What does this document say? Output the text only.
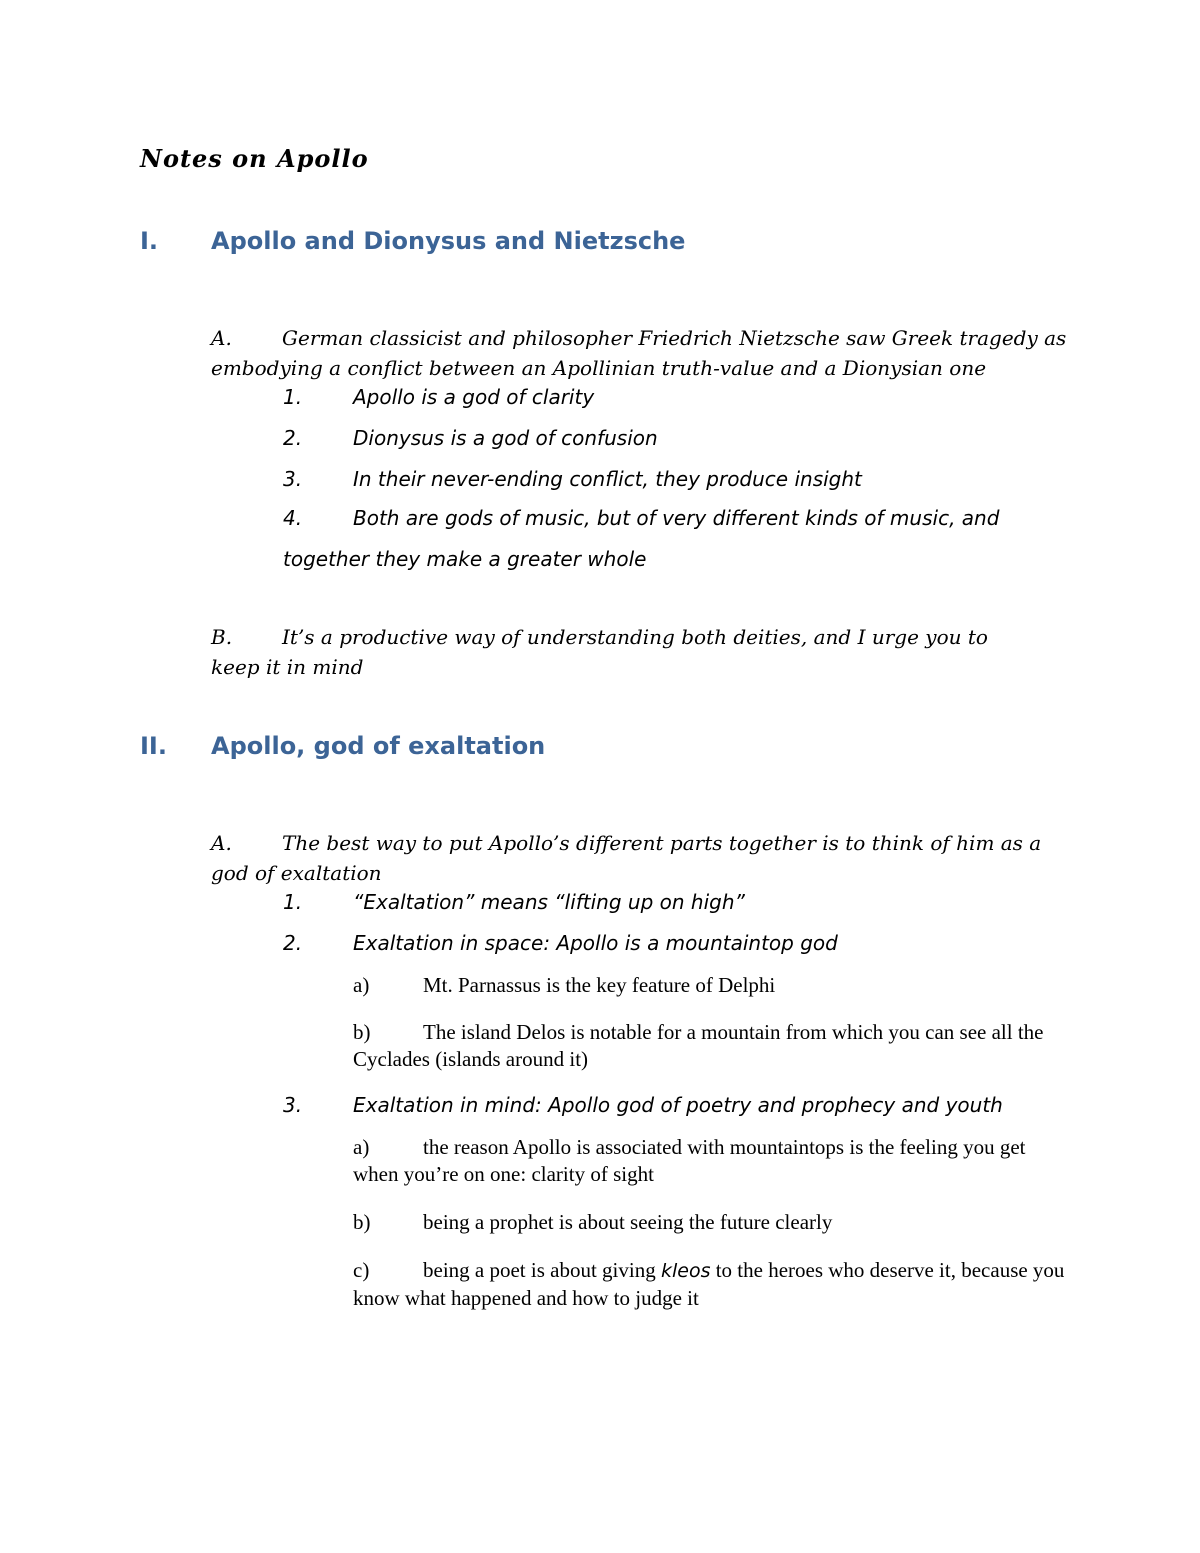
Notes on Apollo
I. Apollo and Dionysus and Nietzsche
A.	German classicist and philosopher Friedrich Nietzsche saw Greek tragedy as embodying a conflict between an Apollinian truth-value and a Dionysian one
1.	Apollo is a god of clarity
2.	Dionysus is a god of confusion
3.	In their never-ending conflict, they produce insight
4.	Both are gods of music, but of very different kinds of music, and together they make a greater whole
B. It’s a productive way of understanding both deities, and I urge you to keep it in mind
II. Apollo, god of exaltation
A.	The best way to put Apollo’s different parts together is to think of him as a god of exaltation
1.	“Exaltation” means “lifting up on high”
2.	Exaltation in space: Apollo is a mountaintop god
a)	Mt. Parnassus is the key feature of Delphi
b)	The island Delos is notable for a mountain from which you can see all the Cyclades (islands around it)
3.	Exaltation in mind: Apollo god of poetry and prophecy and youth
a)	the reason Apollo is associated with mountaintops is the feeling you get when you’re on one: clarity of sight
b)	being a prophet is about seeing the future clearly
c)	being a poet is about giving kleos to the heroes who deserve it, because you know what happened and how to judge it
